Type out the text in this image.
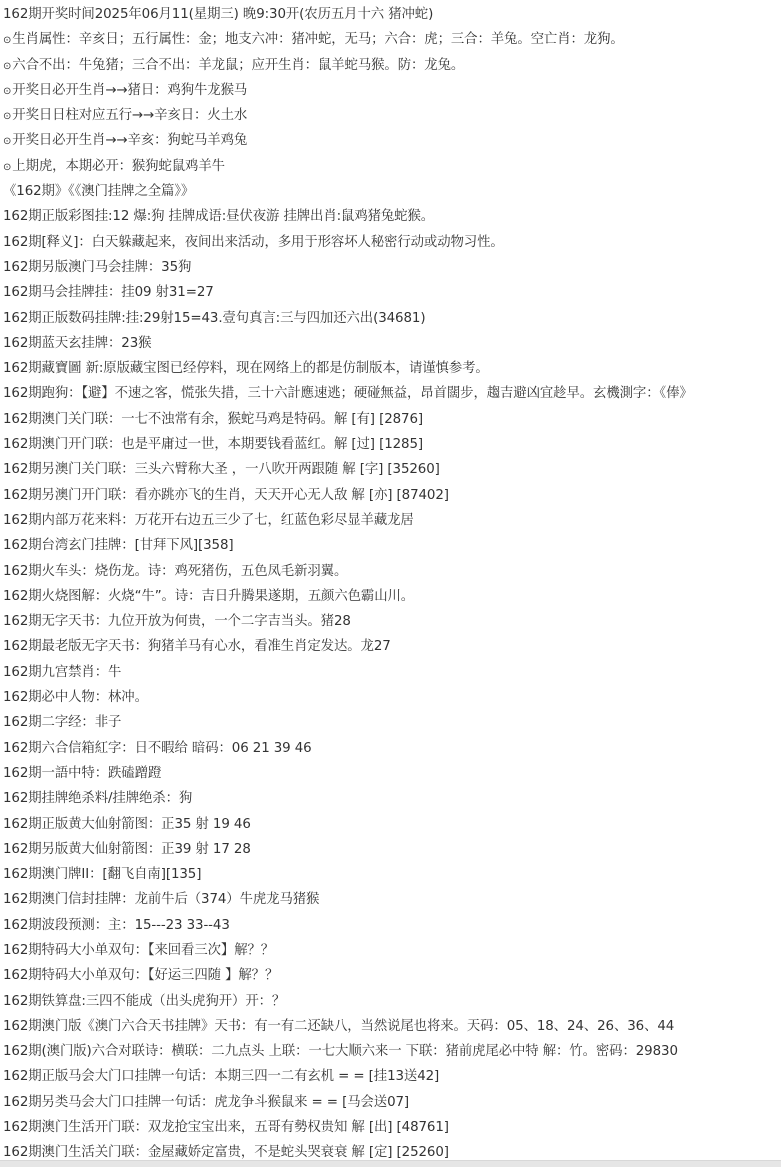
162期开奖时间2025年06月11(星期三) 晚9:30开(农历五月十六 猪冲蛇)
⊙生肖属性：辛亥日；五行属性：金；地支六冲：猪冲蛇，无马；六合：虎；三合：羊兔。空亡肖：龙狗。
⊙六合不出：牛兔猪；三合不出：羊龙鼠；应开生肖：鼠羊蛇马猴。防：龙兔。
⊙开奖日必开生肖→→猪日：鸡狗牛龙猴马
⊙开奖日日柱对应五行→→辛亥日：火土水
⊙开奖日必开生肖→→辛亥：狗蛇马羊鸡兔
⊙上期虎，本期必开：猴狗蛇鼠鸡羊牛
《162期》《《澳门挂牌之全篇》》
162期正版彩图挂:12 爆:狗 挂牌成语:昼伏夜游 挂牌出肖:鼠鸡猪兔蛇猴。
162期[释义]：白天躲藏起来，夜间出来活动，多用于形容坏人秘密行动或动物习性。
162期另版澳门马会挂牌：35狗
162期马会挂牌挂：挂09 射31=27
162期正版数码挂牌:挂:29射15=43.壹句真言:三与四加还六出(34681)
162期蓝天玄挂牌：23猴
162期藏寶圖 新:原版藏宝图已经停料，现在网络上的都是仿制版本，请谨慎参考。
162期跑狗：【避】不速之客，慌张失措，三十六計應速逃；硬碰無益，昂首闊步，趨吉避凶宜趁早。玄機測字：《俸》
162期澳门关门联：一七不浊常有余，猴蛇马鸡是特码。解 [有] [2876]
162期澳门开门联：也是平庸过一世，本期要钱看蓝红。解 [过] [1285]
162期另澳门关门联：三头六臂称大圣 ，一八吹开两跟随 解 [字] [35260]
162期另澳门开门联：看亦跳亦飞的生肖，天天开心无人敌 解 [亦] [87402]
162期内部万花来料：万花开右边五三少了七，红蓝色彩尽显羊藏龙居
162期台湾玄门挂牌：[甘拜下风][358]
162期火车头：烧伤龙。诗：鸡死猪伤，五色凤毛新羽翼。
162期火烧图解：火烧“牛”。诗：吉日升腾果遂期，五颜六色霸山川。
162期无字天书：九位开放为何贵，一个二字吉当头。猪28
162期最老版无字天书：狗猪羊马有心水，看准生肖定发达。龙27
162期九宫禁肖：牛
162期必中人物：林冲。
162期二字经：非子
162期六合信箱紅字：日不暇给 暗码：06 21 39 46
162期一語中特：跌磕蹭蹬
162期挂牌绝杀料/挂牌绝杀：狗
162期正版黄大仙射箭图：正35 射 19 46
162期另版黄大仙射箭图：正39 射 17 28
162期澳门牌II：[翻飞自南][135]
162期澳门信封挂牌：龙前牛后（374）牛虎龙马猪猴
162期波段预测：主：15---23 33--43
162期特码大小单双句：【来回看三次】解？？
162期特码大小单双句：【好运三四随 】解？？
162期铁算盘:三四不能成（出头虎狗开）开：？
162期澳门版《澳门六合天书挂牌》天书：有一有二还缺八，当然说尾也将来。天码：05、18、24、26、36、44
162期(澳门版)六合对联诗：横联：二九点头 上联：一七大顺六来一 下联：猪前虎尾必中特 解：竹。密码：29830
162期正版马会大门口挂牌一句话：本期三四一二有玄机 = = [挂13送42]
162期另类马会大门口挂牌一句话：虎龙争斗猴鼠来 = = [马会送07]
162期澳门生活开门联：双龙抢宝宝出来，五哥有勢权贵知 解 [出] [48761]
162期澳门生活关门联：金屋藏娇定富贵，不是蛇头哭衰衰 解 [定] [25260]
